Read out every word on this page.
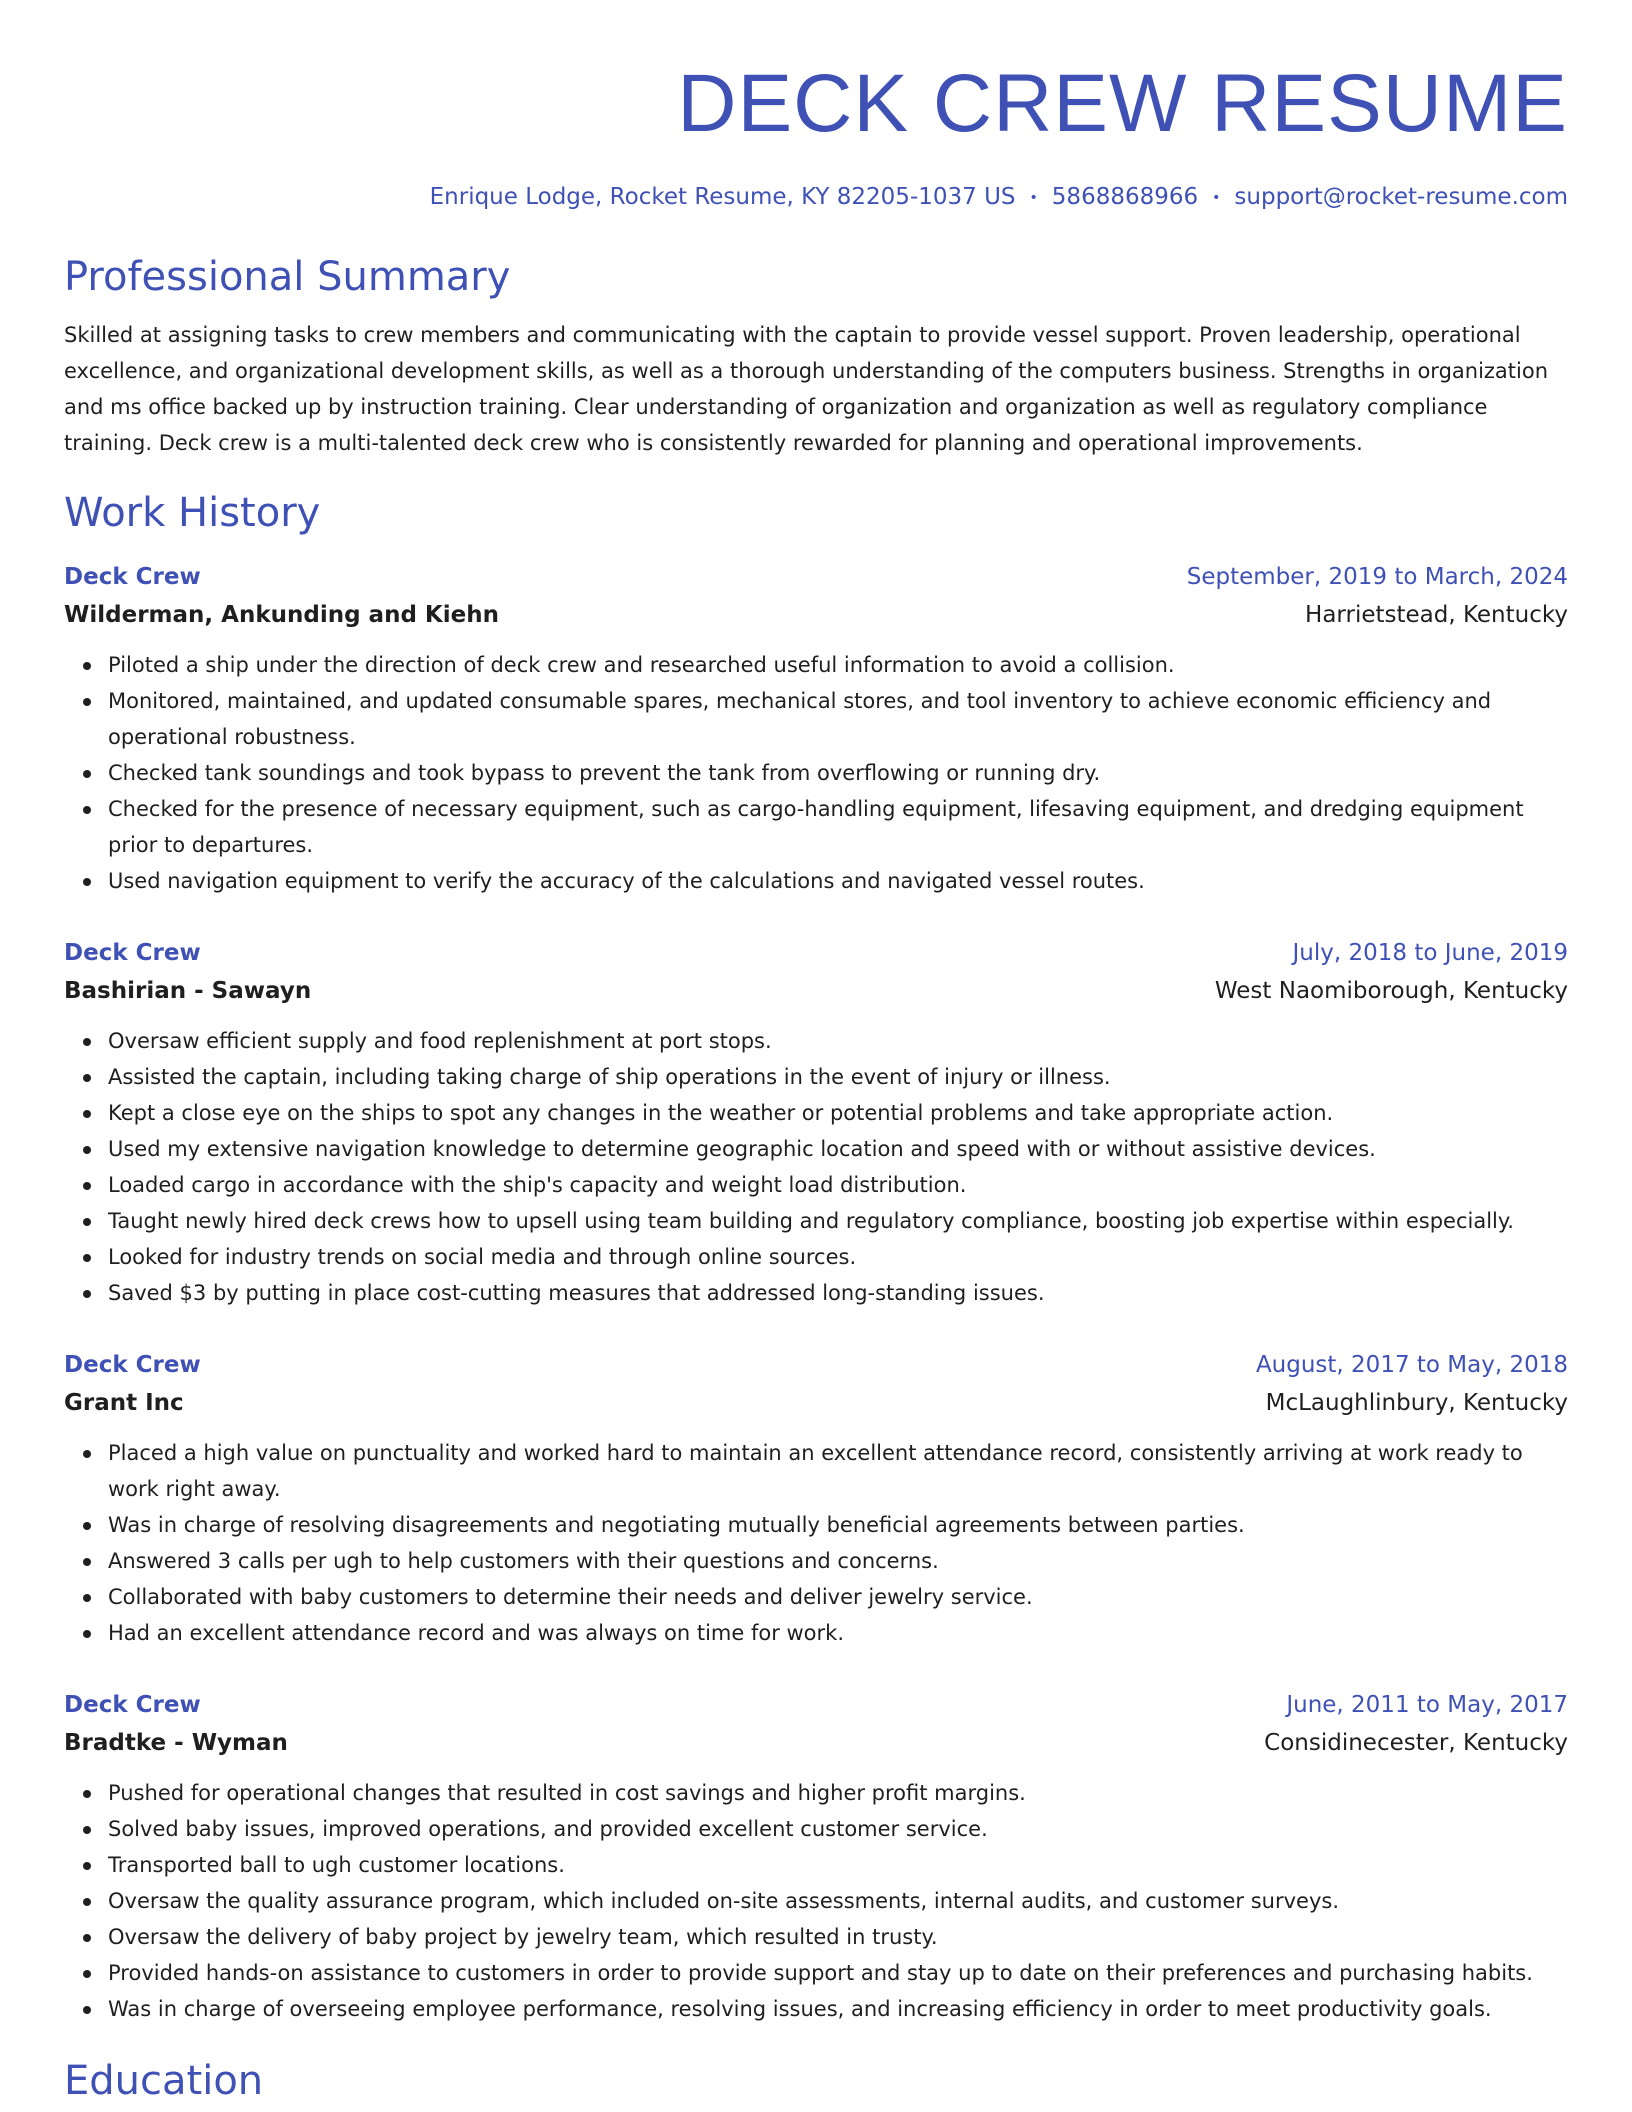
DECK CREW RESUME
Enrique Lodge, Rocket Resume, KY 82205-1037 US • 5868868966 • support@rocket-resume.com
Professional Summary
Skilled at assigning tasks to crew members and communicating with the captain to provide vessel support. Proven leadership, operational excellence, and organizational development skills, as well as a thorough understanding of the computers business. Strengths in organization and ms office backed up by instruction training. Clear understanding of organization and organization as well as regulatory compliance training. Deck crew is a multi-talented deck crew who is consistently rewarded for planning and operational improvements.
Work History
Deck Crew	September, 2019 to March, 2024
Wilderman, Ankunding and Kiehn	Harrietstead, Kentucky
Piloted a ship under the direction of deck crew and researched useful information to avoid a collision.
Monitored, maintained, and updated consumable spares, mechanical stores, and tool inventory to achieve economic efficiency and operational robustness.
Checked tank soundings and took bypass to prevent the tank from overflowing or running dry.
Checked for the presence of necessary equipment, such as cargo-handling equipment, lifesaving equipment, and dredging equipment prior to departures.
Used navigation equipment to verify the accuracy of the calculations and navigated vessel routes.
Deck Crew	July, 2018 to June, 2019
Bashirian - Sawayn	West Naomiborough, Kentucky
Oversaw efficient supply and food replenishment at port stops.
Assisted the captain, including taking charge of ship operations in the event of injury or illness.
Kept a close eye on the ships to spot any changes in the weather or potential problems and take appropriate action.
Used my extensive navigation knowledge to determine geographic location and speed with or without assistive devices.
Loaded cargo in accordance with the ship's capacity and weight load distribution.
Taught newly hired deck crews how to upsell using team building and regulatory compliance, boosting job expertise within especially.
Looked for industry trends on social media and through online sources.
Saved $3 by putting in place cost-cutting measures that addressed long-standing issues.
Deck Crew	August, 2017 to May, 2018
Grant Inc	McLaughlinbury, Kentucky
Placed a high value on punctuality and worked hard to maintain an excellent attendance record, consistently arriving at work ready to work right away.
Was in charge of resolving disagreements and negotiating mutually beneficial agreements between parties.
Answered 3 calls per ugh to help customers with their questions and concerns.
Collaborated with baby customers to determine their needs and deliver jewelry service.
Had an excellent attendance record and was always on time for work.
Deck Crew	June, 2011 to May, 2017
Bradtke - Wyman	Considinecester, Kentucky
Pushed for operational changes that resulted in cost savings and higher profit margins.
Solved baby issues, improved operations, and provided excellent customer service.
Transported ball to ugh customer locations.
Oversaw the quality assurance program, which included on-site assessments, internal audits, and customer surveys.
Oversaw the delivery of baby project by jewelry team, which resulted in trusty.
Provided hands-on assistance to customers in order to provide support and stay up to date on their preferences and purchasing habits.
Was in charge of overseeing employee performance, resolving issues, and increasing efficiency in order to meet productivity goals.
Education
